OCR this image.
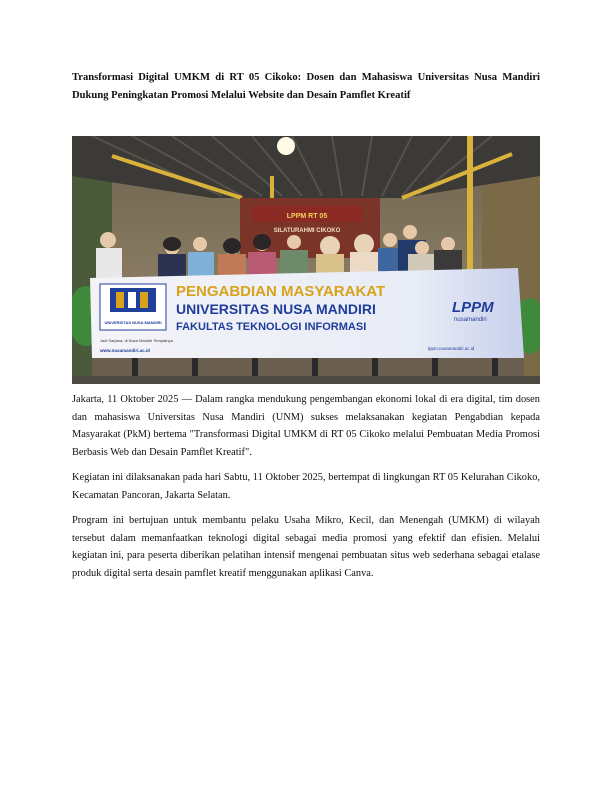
Transformasi Digital UMKM di RT 05 Cikoko: Dosen dan Mahasiswa Universitas Nusa Mandiri Dukung Peningkatan Promosi Melalui Website dan Desain Pamflet Kreatif
LPPM RT 05
SILATURAHMI CIKOKO
UNIVERSITAS NUSA MANDIRI
Jadi Sarjana, di Nusa Mandiri Tempatnya
www.nusamandiri.ac.id
PENGABDIAN MASYARAKAT
UNIVERSITAS NUSA MANDIRI
FAKULTAS TEKNOLOGI INFORMASI
LPPM
nusamandiri
lppm.nusamandiri.ac.id

Jakarta, 11 Oktober 2025 — Dalam rangka mendukung pengembangan ekonomi lokal di era digital, tim dosen dan mahasiswa Universitas Nusa Mandiri (UNM) sukses melaksanakan kegiatan Pengabdian kepada Masyarakat (PkM) bertema "Transformasi Digital UMKM di RT 05 Cikoko melalui Pembuatan Media Promosi Berbasis Web dan Desain Pamflet Kreatif".

Kegiatan ini dilaksanakan pada hari Sabtu, 11 Oktober 2025, bertempat di lingkungan RT 05 Kelurahan Cikoko, Kecamatan Pancoran, Jakarta Selatan.

Program ini bertujuan untuk membantu pelaku Usaha Mikro, Kecil, dan Menengah (UMKM) di wilayah tersebut dalam memanfaatkan teknologi digital sebagai media promosi yang efektif dan efisien. Melalui kegiatan ini, para peserta diberikan pelatihan intensif mengenai pembuatan situs web sederhana sebagai etalase produk digital serta desain pamflet kreatif menggunakan aplikasi Canva.
